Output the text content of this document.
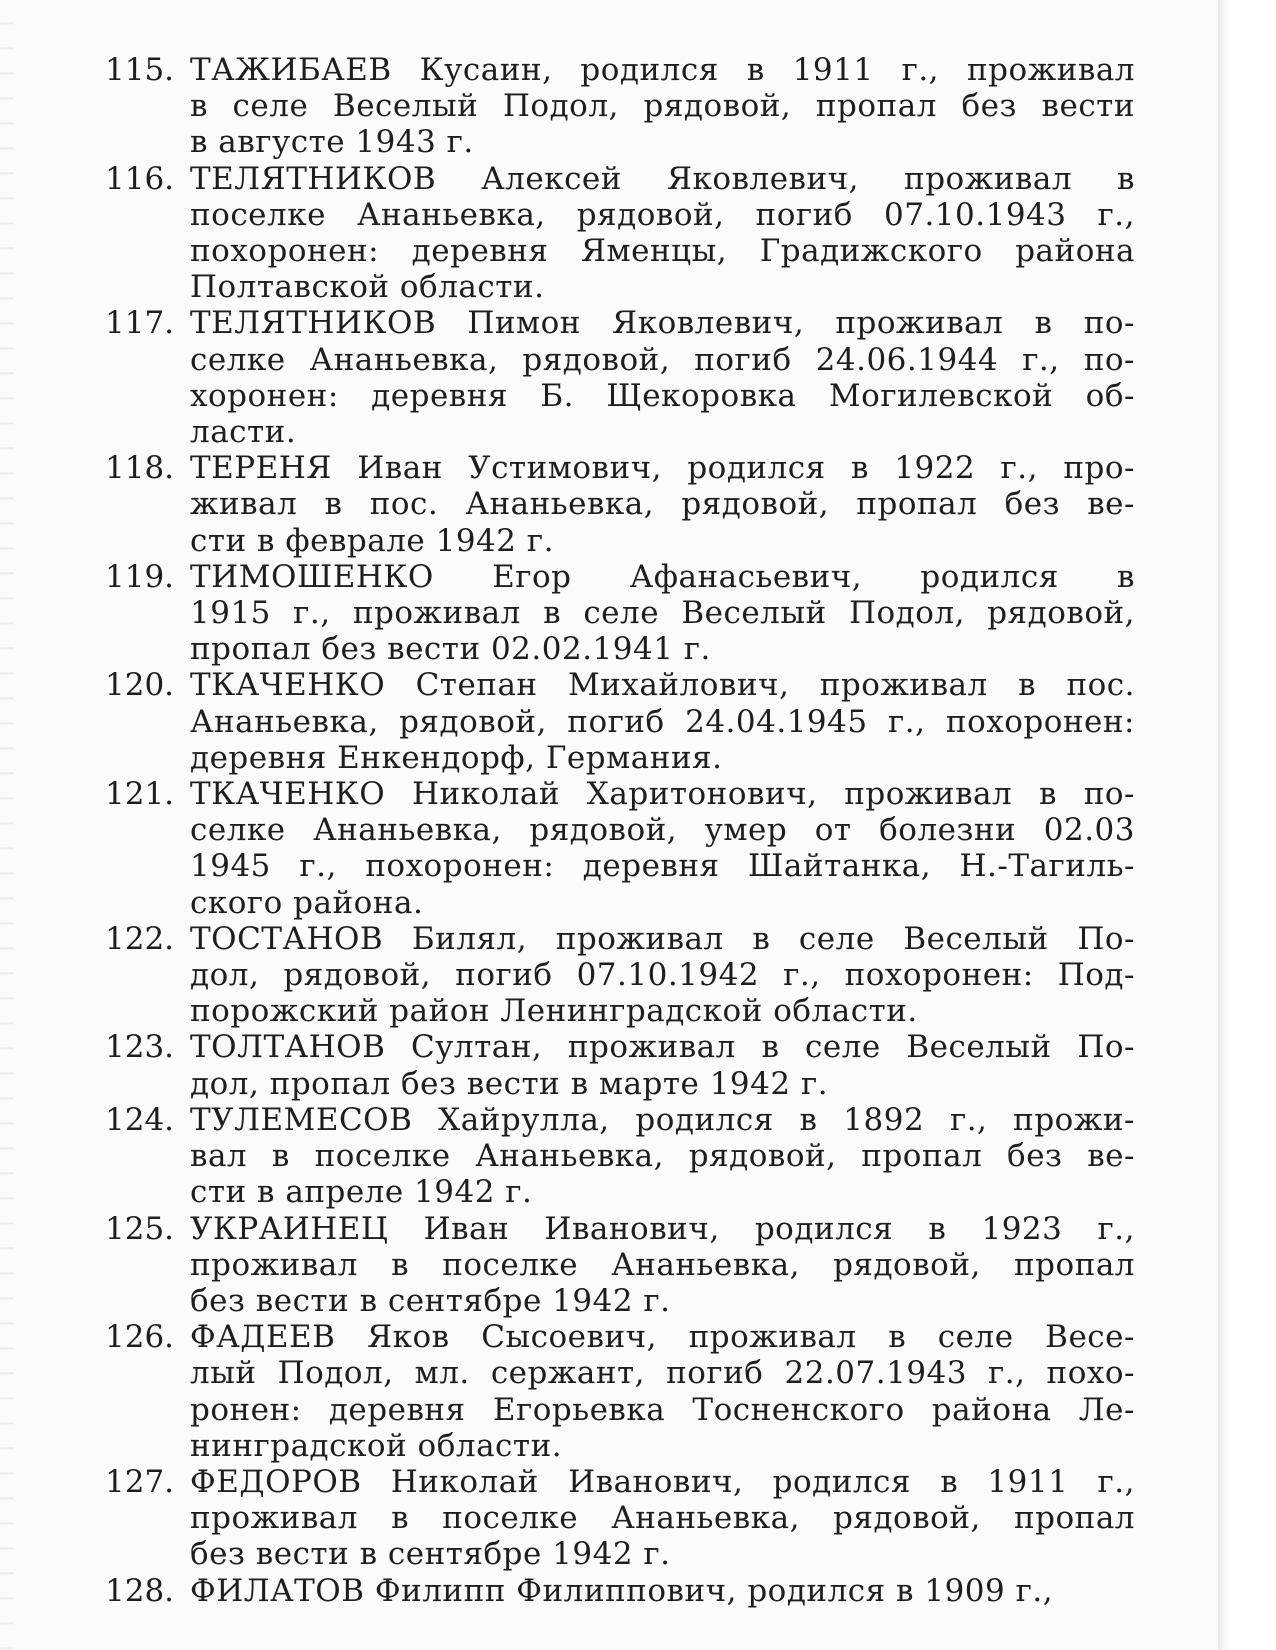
115. ТАЖИБАЕВ Кусаин, родился в 1911 г., проживал
в селе Веселый Подол, рядовой, пропал без вести
в августе 1943 г.
116. ТЕЛЯТНИКОВ Алексей Яковлевич, проживал в
поселке Ананьевка, рядовой, погиб 07.10.1943 г.,
похоронен: деревня Яменцы, Градижского района
Полтавской области.
117. ТЕЛЯТНИКОВ Пимон Яковлевич, проживал в по-
селке Ананьевка, рядовой, погиб 24.06.1944 г., по-
хоронен: деревня Б. Щекоровка Могилевской об-
ласти.
118. ТЕРЕНЯ Иван Устимович, родился в 1922 г., про-
живал в пос. Ананьевка, рядовой, пропал без ве-
сти в феврале 1942 г.
119. ТИМОШЕНКО Егор Афанасьевич, родился в
1915 г., проживал в селе Веселый Подол, рядовой,
пропал без вести 02.02.1941 г.
120. ТКАЧЕНКО Степан Михайлович, проживал в пос.
Ананьевка, рядовой, погиб 24.04.1945 г., похоронен:
деревня Енкендорф, Германия.
121. ТКАЧЕНКО Николай Харитонович, проживал в по-
селке Ананьевка, рядовой, умер от болезни 02.03
1945 г., похоронен: деревня Шайтанка, Н.-Тагиль-
ского района.
122. ТОСТАНОВ Билял, проживал в селе Веселый По-
дол, рядовой, погиб 07.10.1942 г., похоронен: Под-
порожский район Ленинградской области.
123. ТОЛТАНОВ Султан, проживал в селе Веселый По-
дол, пропал без вести в марте 1942 г.
124. ТУЛЕМЕСОВ Хайрулла, родился в 1892 г., прожи-
вал в поселке Ананьевка, рядовой, пропал без ве-
сти в апреле 1942 г.
125. УКРАИНЕЦ Иван Иванович, родился в 1923 г.,
проживал в поселке Ананьевка, рядовой, пропал
без вести в сентябре 1942 г.
126. ФАДЕЕВ Яков Сысоевич, проживал в селе Весе-
лый Подол, мл. сержант, погиб 22.07.1943 г., похо-
ронен: деревня Егорьевка Тосненского района Ле-
нинградской области.
127. ФЕДОРОВ Николай Иванович, родился в 1911 г.,
проживал в поселке Ананьевка, рядовой, пропал
без вести в сентябре 1942 г.
128. ФИЛАТОВ Филипп Филиппович, родился в 1909 г.,
